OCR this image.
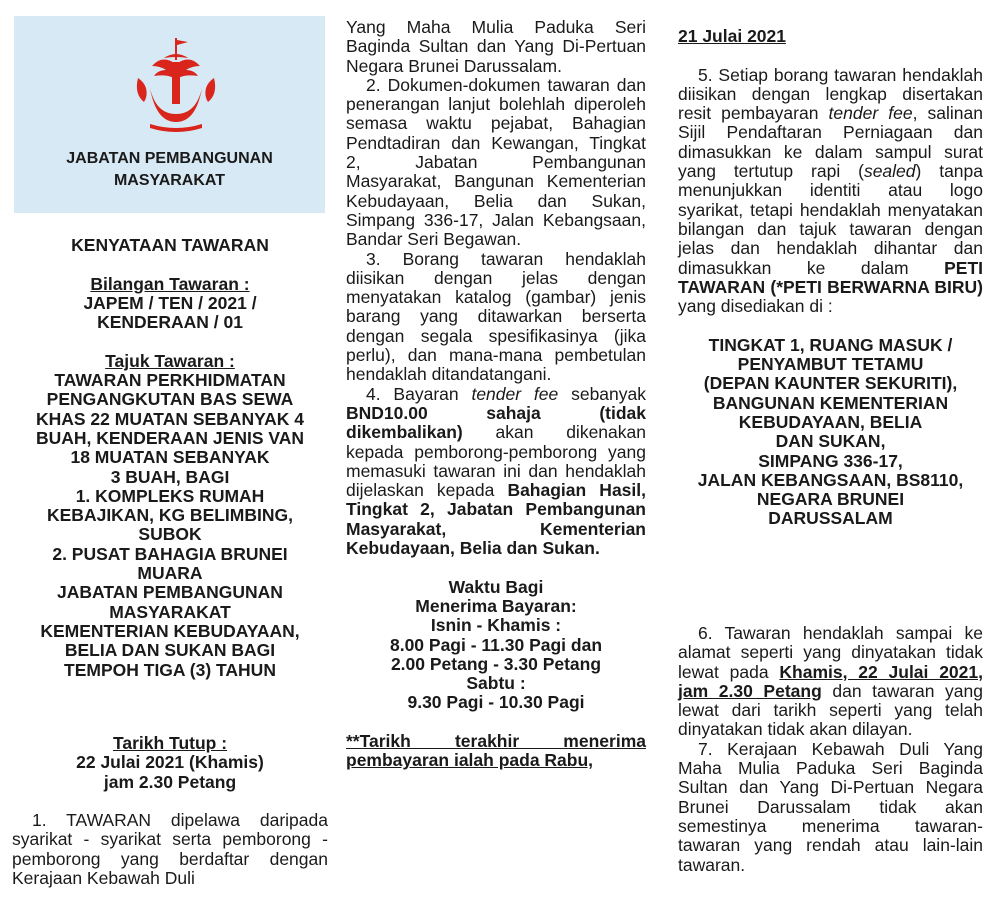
JABATAN PEMBANGUNAN
MASYARAKAT
KENYATAAN TAWARAN
Bilangan Tawaran :
JAPEM / TEN / 2021 /
KENDERAAN / 01
Tajuk Tawaran :
TAWARAN PERKHIDMATAN
PENGANGKUTAN BAS SEWA
KHAS 22 MUATAN SEBANYAK 4
BUAH, KENDERAAN JENIS VAN
18 MUATAN SEBANYAK
3 BUAH, BAGI
1. KOMPLEKS RUMAH
KEBAJIKAN, KG BELIMBING,
SUBOK
2. PUSAT BAHAGIA BRUNEI
MUARA
JABATAN PEMBANGUNAN
MASYARAKAT
KEMENTERIAN KEBUDAYAAN,
BELIA DAN SUKAN BAGI
TEMPOH TIGA (3) TAHUN
Tarikh Tutup :
22 Julai 2021 (Khamis)
jam 2.30 Petang

1. TAWARAN dipelawa daripada syarikat - syarikat serta pemborong - pemborong yang berdaftar dengan Kerajaan Kebawah Duli

Yang Maha Mulia Paduka Seri Baginda Sultan dan Yang Di-Pertuan Negara Brunei Darussalam.

2. Dokumen-dokumen tawaran dan penerangan lanjut bolehlah diperoleh semasa waktu pejabat, Bahagian Pendtadiran dan Kewangan, Tingkat 2, Jabatan Pembangunan Masyarakat, Bangunan Kementerian Kebudayaan, Belia dan Sukan, Simpang 336-17, Jalan Kebangsaan, Bandar Seri Begawan.

3. Borang tawaran hendaklah diisikan dengan jelas dengan menyatakan katalog (gambar) jenis barang yang ditawarkan berserta dengan segala spesifikasinya (jika perlu), dan mana-mana pembetulan hendaklah ditandatangani.

4. Bayaran tender fee sebanyak BND10.00 sahaja (tidak dikembalikan) akan dikenakan kepada pemborong-pemborong yang memasuki tawaran ini dan hendaklah dijelaskan kepada Bahagian Hasil, Tingkat 2, Jabatan Pembangunan Masyarakat, Kementerian Kebudayaan, Belia dan Sukan.

Waktu Bagi
Menerima Bayaran:
Isnin - Khamis :
8.00 Pagi - 11.30 Pagi dan
2.00 Petang - 3.30 Petang
Sabtu :
9.30 Pagi - 10.30 Pagi

**Tarikh terakhir menerima pembayaran ialah pada Rabu,

21 Julai 2021

5. Setiap borang tawaran hendaklah diisikan dengan lengkap disertakan resit pembayaran tender fee, salinan Sijil Pendaftaran Perniagaan dan dimasukkan ke dalam sampul surat yang tertutup rapi (sealed) tanpa menunjukkan identiti atau logo syarikat, tetapi hendaklah menyatakan bilangan dan tajuk tawaran dengan jelas dan hendaklah dihantar dan dimasukkan ke dalam PETI TAWARAN (*PETI BERWARNA BIRU) yang disediakan di :

TINGKAT 1, RUANG MASUK /
PENYAMBUT TETAMU
(DEPAN KAUNTER SEKURITI),
BANGUNAN KEMENTERIAN
KEBUDAYAAN, BELIA
DAN SUKAN,
SIMPANG 336-17,
JALAN KEBANGSAAN, BS8110,
NEGARA BRUNEI
DARUSSALAM

6. Tawaran hendaklah sampai ke alamat seperti yang dinyatakan tidak lewat pada Khamis, 22 Julai 2021, jam 2.30 Petang dan tawaran yang lewat dari tarikh seperti yang telah dinyatakan tidak akan dilayan.

7. Kerajaan Kebawah Duli Yang Maha Mulia Paduka Seri Baginda Sultan dan Yang Di-Pertuan Negara Brunei Darussalam tidak akan semestinya menerima tawaran-tawaran yang rendah atau lain-lain tawaran.
